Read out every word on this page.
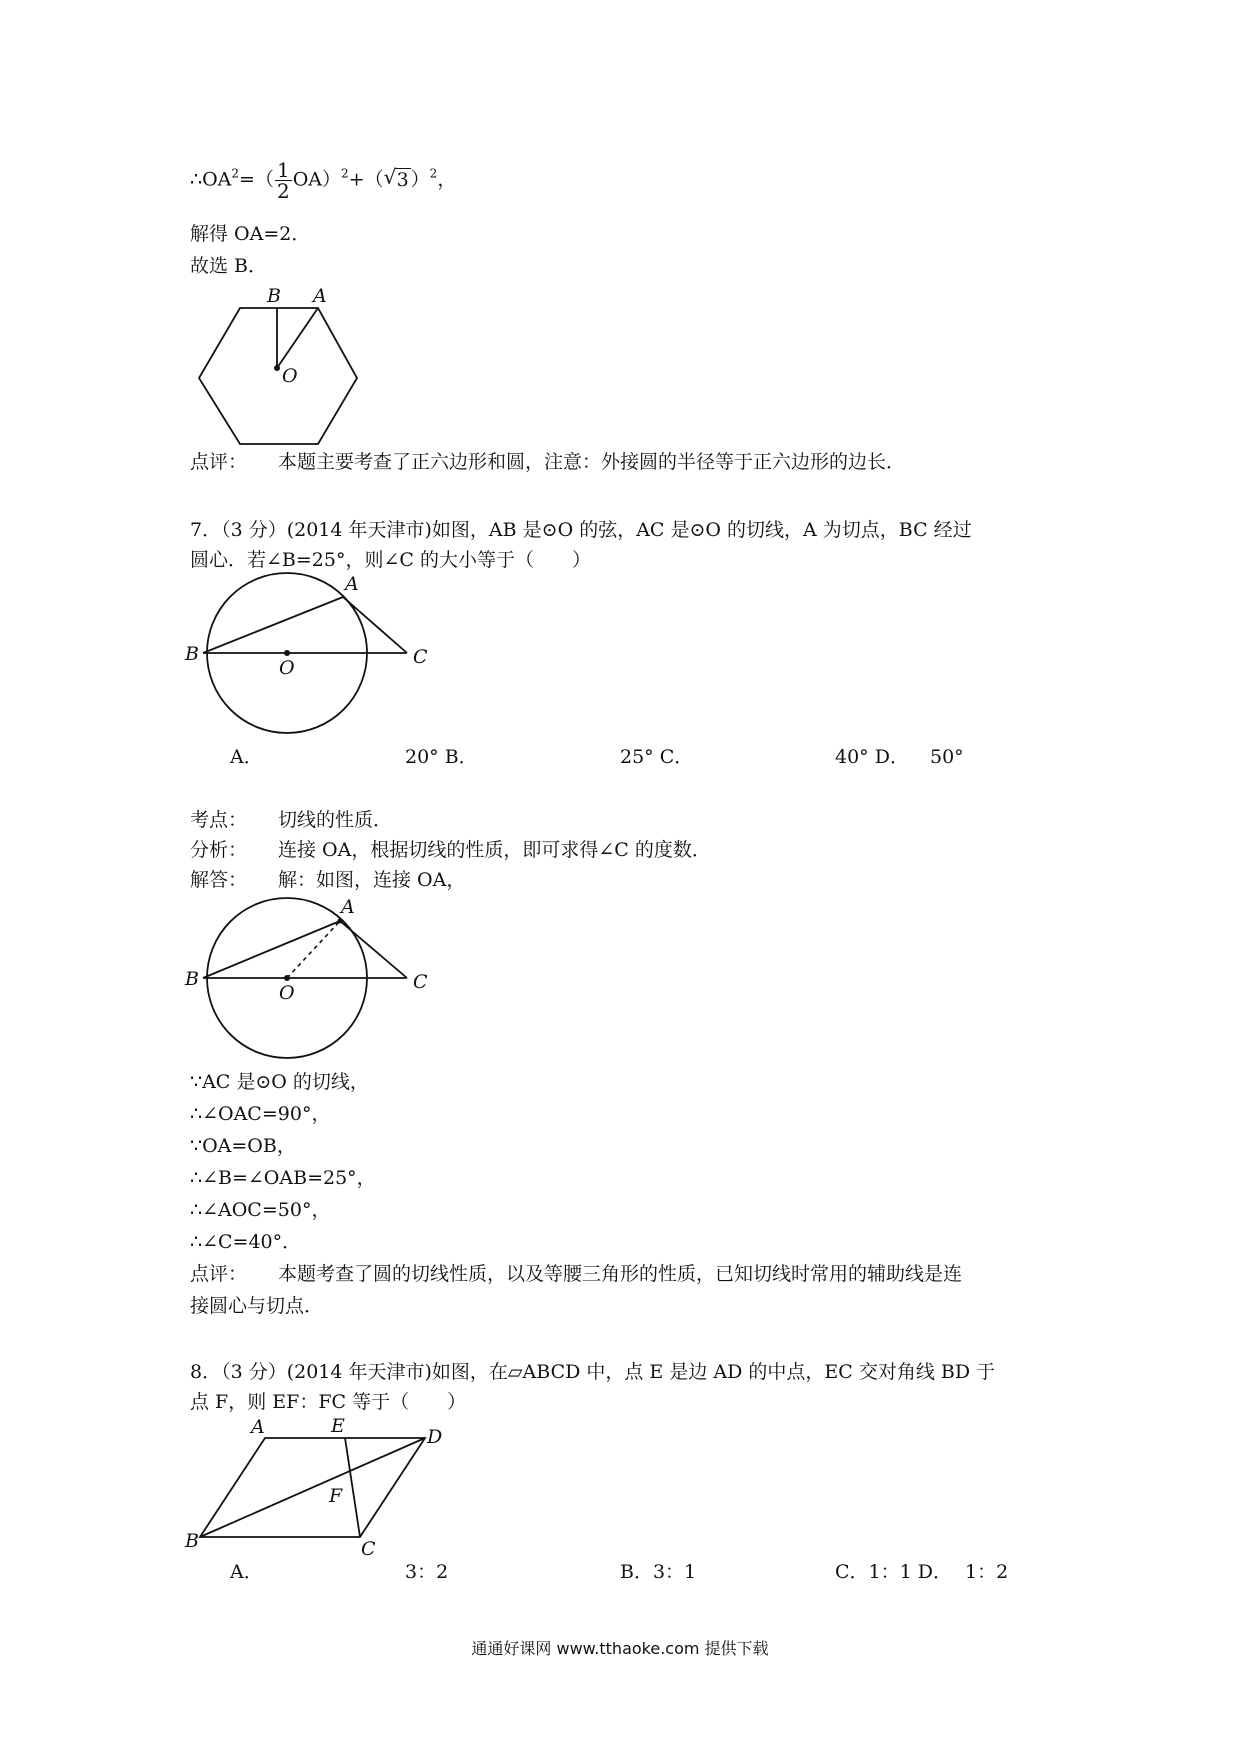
$\therefore OA^2=( \frac{1}{2} OA)^2+$（ √ 3 ）$^2$，
解得 OA=2．
故选 B．
B A
O
点评： 本题主要考查了正六边形和圆，注意：外接圆的半径等于正六边形的边长．
7．（3 分）(2014 年天津市)如图，AB 是⊙O 的弦，AC 是⊙O 的切线，A 为切点，BC 经过
圆心．若∠B=25°，则∠C 的大小等于（　　）
A
B
O	C
A．	20° B．	25° C．	40° D． 50°
考点： 切线的性质．
分析： 连接 OA，根据切线的性质，即可求得∠C 的度数．
解答： 解：如图，连接 OA，
A
B
O	C
∵AC 是⊙O 的切线，
∴∠OAC=90°，
∵OA=OB，
∴∠B=∠OAB=25°，
∴∠AOC=50°，
∴∠C=40°．
点评： 本题考查了圆的切线性质，以及等腰三角形的性质，已知切线时常用的辅助线是连
接圆心与切点．
8．（3 分）(2014 年天津市)如图，在▱ABCD 中，点 E 是边 AD 的中点，EC 交对角线 BD 于
点 F，则 EF：FC 等于（　　）
A	E	D
F
B	C
A．	3：2	B．3：1	C．1：1 D． 1：2
通通好课网 www.tthaoke.com 提供下载
